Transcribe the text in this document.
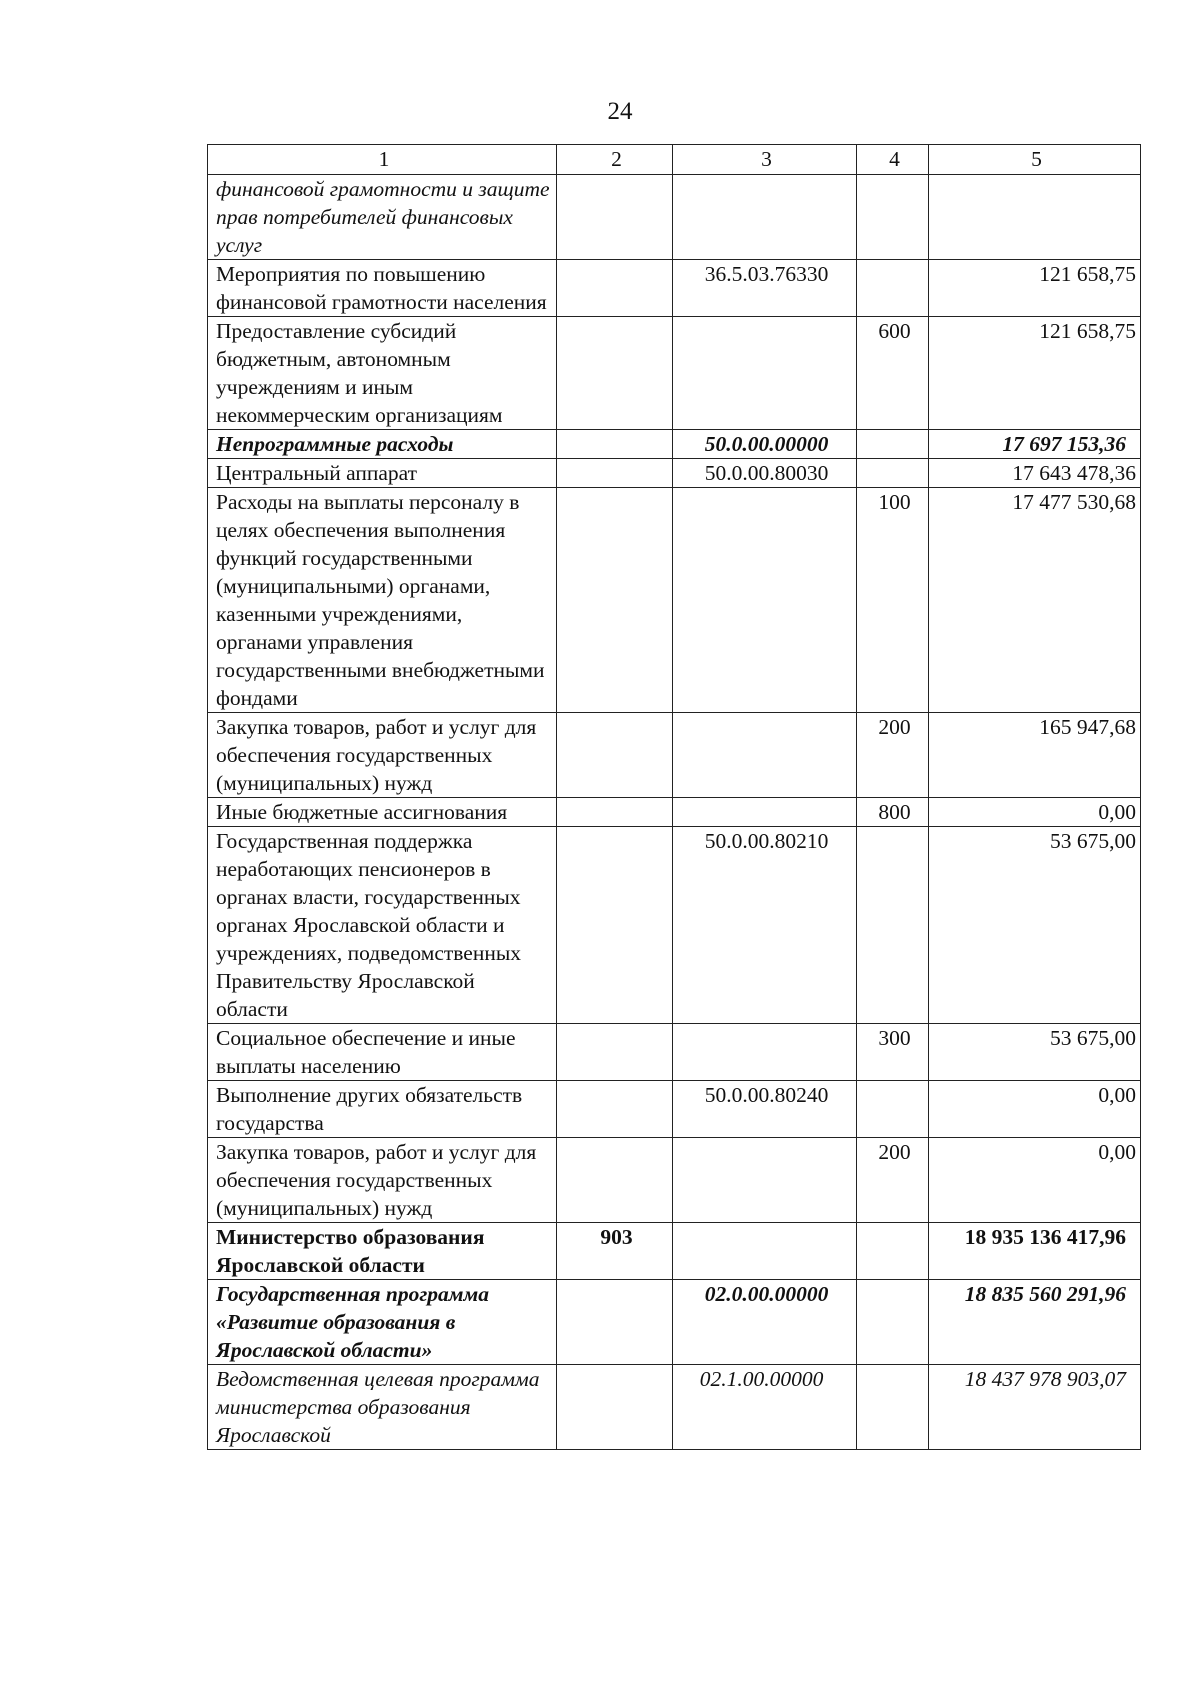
24
1	2	3	4	5
финансовой грамотности и защите прав потребителей финансовых услуг				
Мероприятия по повышению финансовой грамотности населения		36.5.03.76330		121 658,75
Предоставление субсидий бюджетным, автономным учреждениям и иным некоммерческим организациям			600	121 658,75
Непрограммные расходы		50.0.00.00000		17 697 153,36
Центральный аппарат		50.0.00.80030		17 643 478,36
Расходы на выплаты персоналу в целях обеспечения выполнения функций государственными (муниципальными) органами, казенными учреждениями, органами управления государственными внебюджетными фондами			100	17 477 530,68
Закупка товаров, работ и услуг для обеспечения государственных (муниципальных) нужд			200	165 947,68
Иные бюджетные ассигнования			800	0,00
Государственная поддержка неработающих пенсионеров в органах власти, государственных органах Ярославской области и учреждениях, подведомственных Правительству Ярославской области		50.0.00.80210		53 675,00
Социальное обеспечение и иные выплаты населению			300	53 675,00
Выполнение других обязательств государства		50.0.00.80240		0,00
Закупка товаров, работ и услуг для обеспечения государственных (муниципальных) нужд			200	0,00
Министерство образования Ярославской области	903			18 935 136 417,96
Государственная программа «Развитие образования в Ярославской области»		02.0.00.00000		18 835 560 291,96
Ведомственная целевая программа министерства образования Ярославской		02.1.00.00000		18 437 978 903,07
